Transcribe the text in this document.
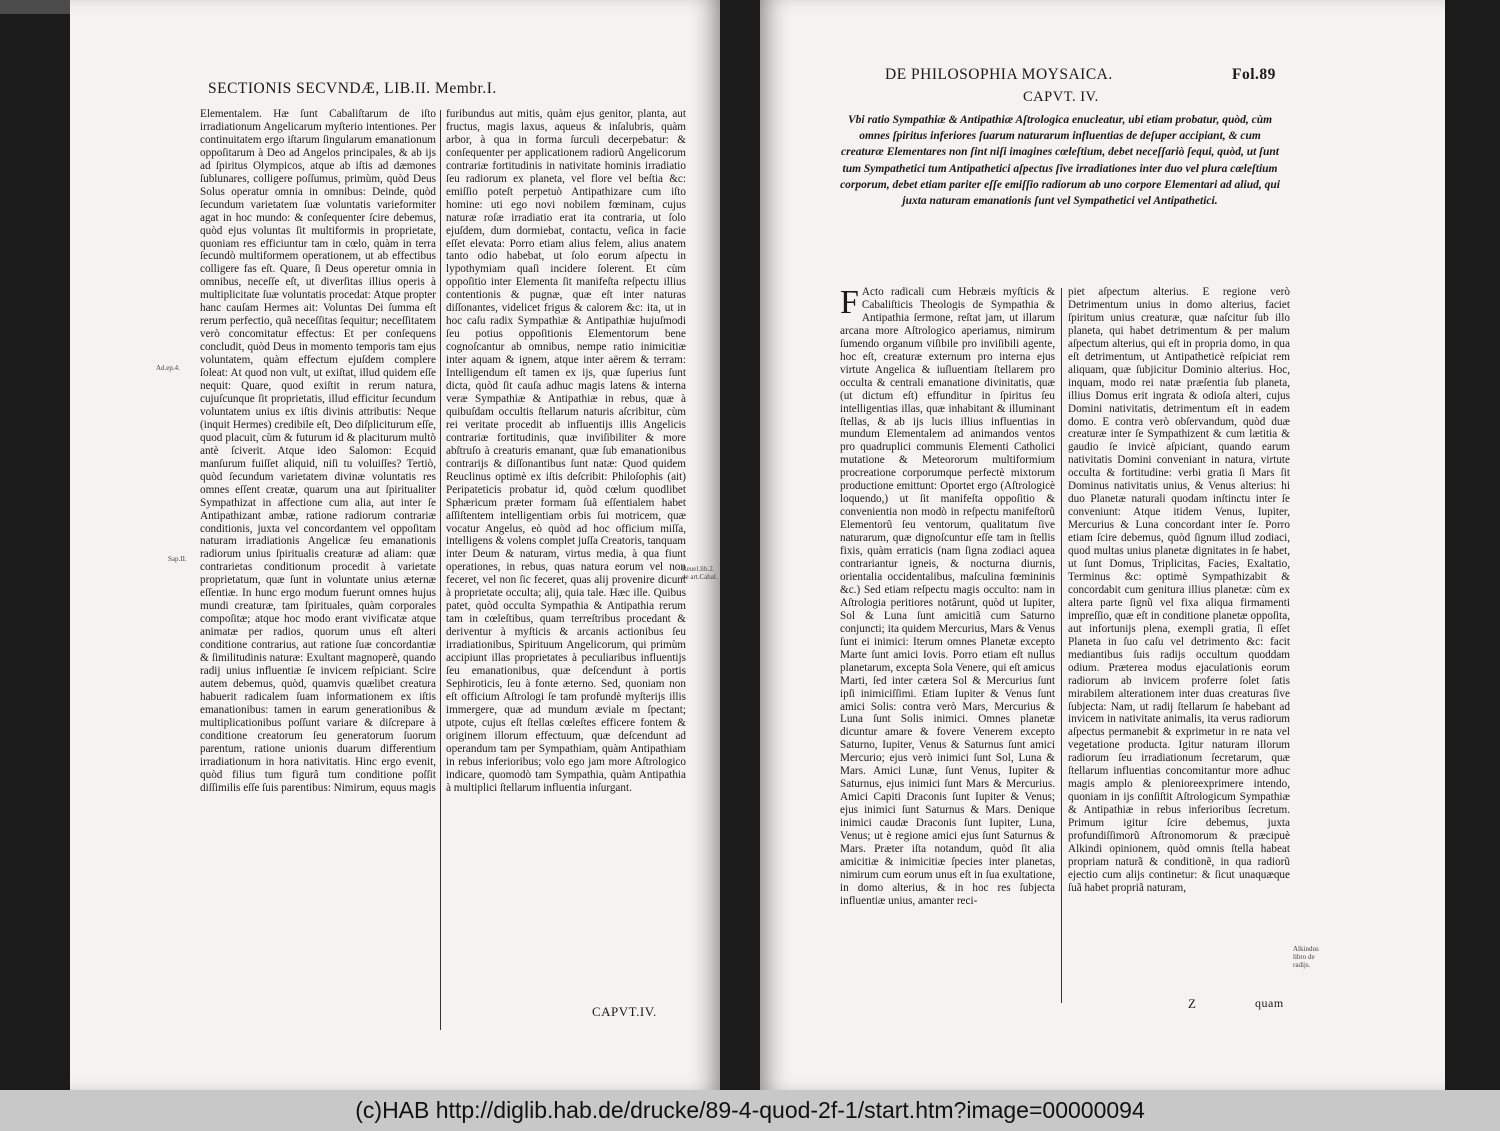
SECTIONIS SECVNDÆ, LIB.II. Membr.I.

Elementalem. Hæ ſunt Cabaliſtarum de iſto irradiationum Angelicarum myſterio intentiones. Per continuitatem ergo iſtarum ſingularum emanationum oppoſitarum à Deo ad Angelos principales, & ab ijs ad ſpiritus Olympicos, atque ab iſtis ad dæmones ſublunares, colligere poſſumus, primùm, quòd Deus Solus operatur omnia in omnibus: Deinde, quòd ſecundum varietatem ſuæ voluntatis varieformiter agat in hoc mundo: & conſequenter ſcire debemus, quòd ejus voluntas ſit multiformis in proprietate, quoniam res efficiuntur tam in cœlo, quàm in terra ſecundò multiformem operationem, ut ab effectibus colligere fas eſt. Quare, ſi Deus operetur omnia in omnibus, neceſſe eſt, ut diverſitas illius operis à multiplicitate ſuæ voluntatis procedat: Atque propter hanc cauſam Hermes ait: Voluntas Dei ſumma eſt rerum perfectio, quã neceſſitas ſequitur; neceſſitatem verò concomitatur effectus: Et per conſequens concludit, quòd Deus in momento temporis tam ejus voluntatem, quàm effectum ejuſdem complere ſoleat: At quod non vult, ut exiſtat, illud quidem eſſe nequit: Quare, quod exiſtit in rerum natura, cujuſcunque ſit proprietatis, illud efficitur ſecundum voluntatem unius ex iſtis divinis attributis: Neque (inquit Hermes) credibile eſt, Deo diſpliciturum eſſe, quod placuit, cùm & futurum id & placiturum multò antè ſciverit. Atque ideo Salomon: Ecquid manſurum fuiſſet aliquid, niſi tu voluiſſes? Tertiò, quòd ſecundum varietatem divinæ voluntatis res omnes eſſent creatæ, quarum una aut ſpiritualiter Sympathizat in affectione cum alia, aut inter ſe Antipathizant ambæ, ratione radiorum contrariæ conditionis, juxta vel concordantem vel oppoſitam naturam irradiationis Angelicæ ſeu emanationis radiorum unius ſpiritualis creaturæ ad aliam: quæ contrarietas conditionum procedit à varietate proprietatum, quæ ſunt in voluntate unius æternæ eſſentiæ. In hunc ergo modum fuerunt omnes hujus mundi creaturæ, tam ſpirituales, quàm corporales compoſitæ; atque hoc modo erant vivificatæ atque animatæ per radios, quorum unus eſt alteri conditione contrarius, aut ratione ſuæ concordantiæ & ſimilitudinis naturæ: Exultant magnoperè, quando radij unius influentiæ ſe invicem reſpiciant. Scire autem debemus, quòd, quamvis quælibet creatura habuerit radicalem ſuam informationem ex iſtis emanationibus: tamen in earum generationibus & multiplicationibus poſſunt variare & diſcrepare à conditione creatorum ſeu generatorum ſuorum parentum, ratione unionis duarum differentium irradiationum in hora nativitatis. Hinc ergo evenit, quòd filius tum figurâ tum conditione poſſit diſſimilis eſſe ſuis parentibus: Nimirum, equus magis

furibundus aut mitis, quàm ejus genitor, planta, aut fructus, magis laxus, aqueus & inſalubris, quàm arbor, à qua in forma ſurculi decerpebatur: & conſequenter per applicationem radiorũ Angelicorum contrariæ fortitudinis in nativitate hominis irradiatio ſeu radiorum ex planeta, vel flore vel beſtia &c: emiſſio poteſt perpetuò Antipathizare cum iſto homine: uti ego novi nobilem fœminam, cujus naturæ roſæ irradiatio erat ita contraria, ut ſolo ejuſdem, dum dormiebat, contactu, veſica in facie eſſet elevata: Porro etiam alius felem, alius anatem tanto odio habebat, ut ſolo eorum aſpectu in lypothymiam quaſi incidere ſolerent. Et cùm oppoſitio inter Elementa ſit manifeſta reſpectu illius contentionis & pugnæ, quæ eſt inter naturas diſſonantes, videlicet frigus & calorem &c: ita, ut in hoc caſu radix Sympathiæ & Antipathiæ hujuſmodi ſeu potius oppoſitionis Elementorum bene cognoſcantur ab omnibus, nempe ratio inimicitiæ inter aquam & ignem, atque inter aërem & terram: Intelligendum eſt tamen ex ijs, quæ ſuperius ſunt dicta, quòd ſit cauſa adhuc magis latens & interna veræ Sympathiæ & Antipathiæ in rebus, quæ à quibuſdam occultis ſtellarum naturis aſcribitur, cùm rei veritate procedit ab influentijs illis Angelicis contrariæ fortitudinis, quæ inviſibiliter & more abſtruſo à creaturis emanant, quæ ſub emanationibus contrarijs & diſſonantibus ſunt natæ: Quod quidem Reuclinus optimè ex iſtis deſcribit: Philoſophis (ait) Peripateticis probatur id, quòd cœlum quodlibet Sphæricum præter formam ſuã eſſentialem habet aſſiſtentem intelligentiam orbis ſui motricem, quæ vocatur Angelus, eò quòd ad hoc officium miſſa, intelligens & volens complet juſſa Creatoris, tanquam inter Deum & naturam, virtus media, à qua fiunt operationes, in rebus, quas natura eorum vel non feceret, vel non ſic feceret, quas alij provenire dicunt à proprietate occulta; alij, quia tale. Hæc ille. Quibus patet, quòd occulta Sympathia & Antipathia rerum tam in cœleſtibus, quam terreſtribus procedant & deriventur à myſticis & arcanis actionibus ſeu irradiationibus, Spirituum Angelicorum, qui primùm accipiunt illas proprietates à peculiaribus influentijs ſeu emanationibus, quæ deſcendunt à portis Sephiroticis, ſeu à fonte æterno. Sed, quoniam non eſt officium Aſtrologi ſe tam profundè myſterijs illis immergere, quæ ad mundum æviale m ſpectant; utpote, cujus eſt ſtellas cœleſtes efficere fontem & originem illorum effectuum, quæ deſcendunt ad operandum tam per Sympathiam, quàm Antipathiam in rebus inferioribus; volo ego jam more Aſtrologico indicare, quomodò tam Sympathia, quàm Antipathia à multiplici ſtellarum influentia inſurgant.

CAPVT.IV.
Ad.ep.4.
Sap.II.
Reuel.lib.2. de art.Cabal.
DE PHILOSOPHIA MOYSAICA.	Fol.89
CAPVT. IV.
Vbi ratio Sympathiæ & Antipathiæ Aſtrologica enucleatur, ubi etiam probatur, quòd, cùm omnes ſpiritus inferiores ſuarum naturarum influentias de deſuper accipiant, & cum creaturæ Elementares non ſint niſi imagines cœleſtium, debet neceſſariò ſequi, quòd, ut ſunt tum Sympathetici tum Antipathetici aſpectus ſive irradiationes inter duo vel plura cœleſtium corporum, debet etiam pariter eſſe emiſſio radiorum ab uno corpore Elementari ad aliud, qui juxta naturam emanationis ſunt vel Sympathetici vel Antipathetici.
F Acto radicali cum Hebræis myſticis & Cabaliſticis Theologis de Sympathia & Antipathia ſermone, reſtat jam, ut illarum arcana more Aſtrologico aperiamus, nimirum ſumendo organum viſibile pro inviſibili agente, hoc eſt, creaturæ externum pro interna ejus virtute Angelica & iuſluentiam ſtellarem pro occulta & centrali emanatione divinitatis, quæ (ut dictum eſt) effunditur in ſpiritus ſeu intelligentias illas, quæ inhabitant & illuminant ſtellas, & ab ijs lucis illius influentias in mundum Elementalem ad animandos ventos pro quadruplici communis Elementi Catholici mutatione & Meteororum multiformium procreatione corporumque perfectè mixtorum productione emittunt: Oportet ergo (Aſtrologicè loquendo,) ut ſit manifeſta oppoſitio & convenientia non modò in reſpectu manifeſtorũ Elementorũ ſeu ventorum, qualitatum ſive naturarum, quæ dignoſcuntur eſſe tam in ſtellis fixis, quàm erraticis (nam ſigna zodiaci aquea contrariantur igneis, & nocturna diurnis, orientalia occidentalibus, maſculina fœmininis &c.) Sed etiam reſpectu magis occulto: nam in Aſtrologia peritiores notârunt, quòd ut Iupiter, Sol & Luna ſunt amicitiã cum Saturno conjuncti; ita quidem Mercurius, Mars & Venus ſunt ei inimici: Iterum omnes Planetæ excepto Marte ſunt amici Iovis. Porro etiam eſt nullus planetarum, excepta Sola Venere, qui eſt amicus Marti, ſed inter cætera Sol & Mercurius ſunt ipſi inimiciſſimi. Etiam Iupiter & Venus ſunt amici Solis: contra verò Mars, Mercurius & Luna ſunt Solis inimici. Omnes planetæ dicuntur amare & fovere Venerem excepto Saturno, Iupiter, Venus & Saturnus ſunt amici Mercurio; ejus verò inimici ſunt Sol, Luna & Mars. Amici Lunæ, ſunt Venus, Iupiter & Saturnus, ejus inimici ſunt Mars & Mercurius. Amici Capiti Draconis ſunt Iupiter & Venus; ejus inimici ſunt Saturnus & Mars. Denique inimici caudæ Draconis ſunt Iupiter, Luna, Venus; ut è regione amici ejus ſunt Saturnus & Mars. Præter iſta notandum, quòd ſit alia amicitiæ & inimicitiæ ſpecies inter planetas, nimirum cum eorum unus eſt in ſua exultatione, in domo alterius, & in hoc res ſubjecta influentiæ unius, amanter reci-

piet aſpectum alterius. E regione verò Detrimentum unius in domo alterius, faciet ſpiritum unius creaturæ, quæ naſcitur ſub illo planeta, qui habet detrimentum & per malum aſpectum alterius, qui eſt in propria domo, in qua eſt detrimentum, ut Antipatheticè reſpiciat rem aliquam, quæ ſubjicitur Dominio alterius. Hoc, inquam, modo rei natæ præſentia ſub planeta, illius Domus erit ingrata & odioſa alteri, cujus Domini nativitatis, detrimentum eſt in eadem domo. E contra verò obſervandum, quòd duæ creaturæ inter ſe Sympathizent & cum lætitia & gaudio ſe invicè aſpiciant, quando earum nativitatis Domini conveniant in natura, virtute occulta & fortitudine: verbi gratia ſi Mars ſit Dominus nativitatis unius, & Venus alterius: hi duo Planetæ naturali quodam inſtinctu inter ſe conveniunt: Atque itidem Venus, Iupiter, Mercurius & Luna concordant inter ſe. Porro etiam ſcire debemus, quòd ſignum illud zodiaci, quod multas unius planetæ dignitates in ſe habet, ut ſunt Domus, Triplicitas, Facies, Exaltatio, Terminus &c: optimè Sympathizabit & concordabit cum genitura illius planetæ: cùm ex altera parte ſignũ vel fixa aliqua firmamenti impreſſio, quæ eſt in conditione planetæ oppoſita, aut infortunijs plena, exempli gratia, ſi eſſet Planeta in ſuo caſu vel detrimento &c: facit mediantibus ſuis radijs occultum quoddam odium. Præterea modus ejaculationis eorum radiorum ab invicem proferre ſolet ſatis mirabilem alterationem inter duas creaturas ſive ſubjecta: Nam, ut radij ſtellarum ſe habebant ad invicem in nativitate animalis, ita verus radiorum aſpectus permanebit & exprimetur in re nata vel vegetatione producta. Igitur naturam illorum radiorum ſeu irradiationum ſecretarum, quæ ſtellarum influentias concomitantur more adhuc magis amplo & plenioreexprimere intendo, quoniam in ijs conſiſtit Aſtrologicum Sympathiæ & Antipathiæ in rebus inferioribus ſecretum. Primum igitur ſcire debemus, juxta profundiſſimorũ Aſtronomorum & præcipuè Alkindi opinionem, quòd omnis ſtella habeat propriam naturã & conditionẽ, in qua radiorũ ejectio cum alijs continetur: & ſicut unaquæque ſuã habet propriã naturam,

Alkindus libro de radijs.
Z	quam
(c)HAB http://diglib.hab.de/drucke/89-4-quod-2f-1/start.htm?image=00000094
